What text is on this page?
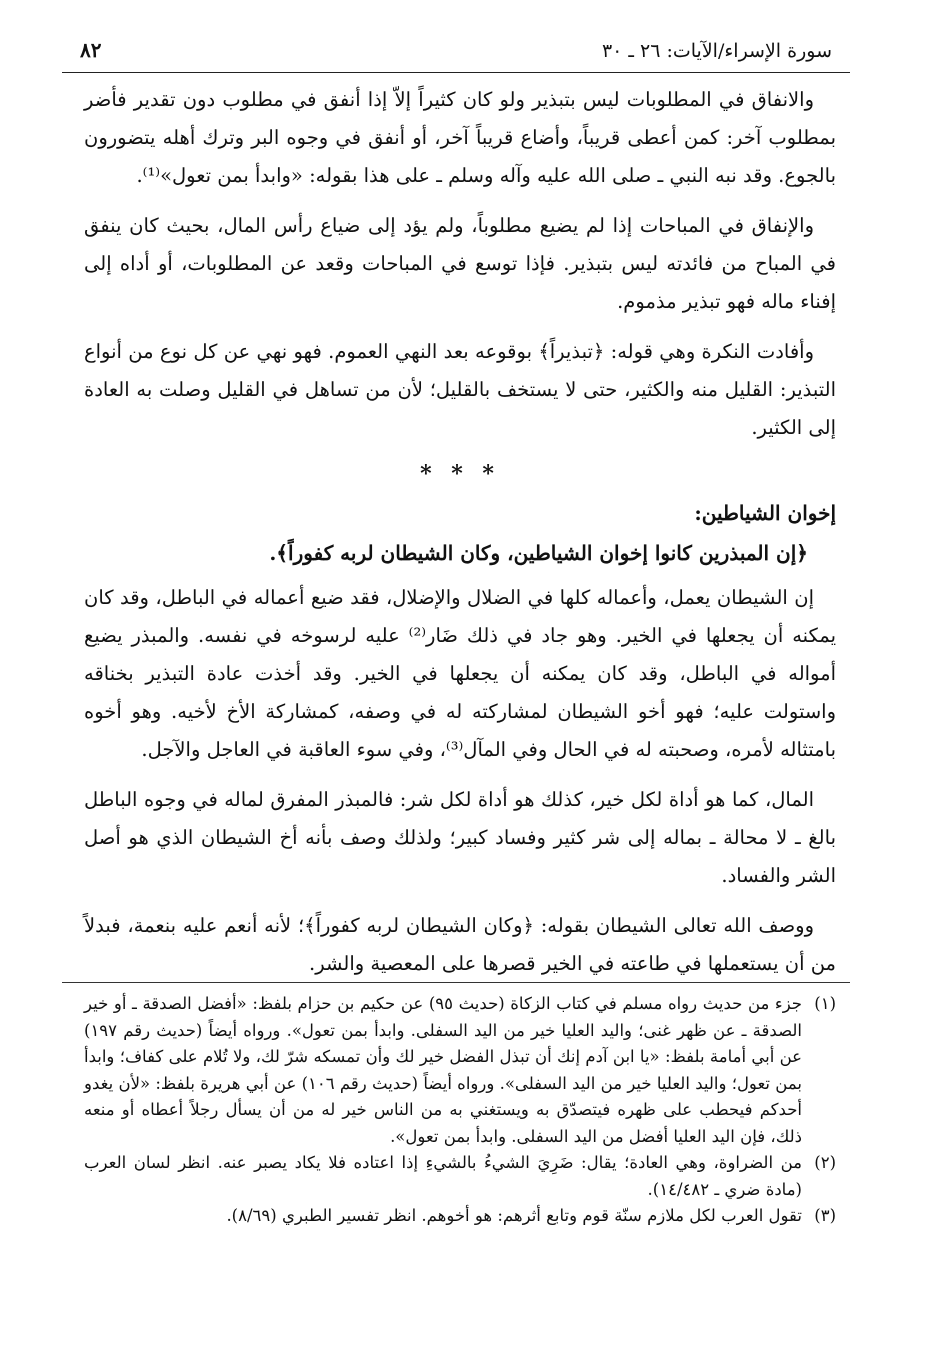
سورة الإسراء/الآيات: ٢٦ ـ ٣٠
٨٢

والانفاق في المطلوبات ليس بتبذير ولو كان كثيراً إلاّ إذا أنفق في مطلوب دون تقدير فأضر بمطلوب آخر: كمن أعطى قريباً، وأضاع قريباً آخر، أو أنفق في وجوه البر وترك أهله يتضورون بالجوع. وقد نبه النبي ـ صلى الله عليه وآله وسلم ـ على هذا بقوله: «وابدأ بمن تعول»⁽¹⁾.

والإنفاق في المباحات إذا لم يضيع مطلوباً، ولم يؤد إلى ضياع رأس المال، بحيث كان ينفق في المباح من فائدته ليس بتبذير. فإذا توسع في المباحات وقعد عن المطلوبات، أو أداه إلى إفناء ماله فهو تبذير مذموم.

وأفادت النكرة وهي قوله: ﴿تبذيراً﴾ بوقوعه بعد النهي العموم. فهو نهي عن كل نوع من أنواع التبذير: القليل منه والكثير، حتى لا يستخف بالقليل؛ لأن من تساهل في القليل وصلت به العادة إلى الكثير.

* * *

إخوان الشياطين:

﴿إن المبذرين كانوا إخوان الشياطين، وكان الشيطان لربه كفوراً﴾.

إن الشيطان يعمل، وأعماله كلها في الضلال والإضلال، فقد ضيع أعماله في الباطل، وقد كان يمكنه أن يجعلها في الخير. وهو جاد في ذلك ضَار⁽²⁾ عليه لرسوخه في نفسه. والمبذر يضيع أمواله في الباطل، وقد كان يمكنه أن يجعلها في الخير. وقد أخذت عادة التبذير بخناقه واستولت عليه؛ فهو أخو الشيطان لمشاركته له في وصفه، كمشاركة الأخ لأخيه. وهو أخوه بامتثاله لأمره، وصحبته له في الحال وفي المآل⁽³⁾، وفي سوء العاقبة في العاجل والآجل.

المال، كما هو أداة لكل خير، كذلك هو أداة لكل شر: فالمبذر المفرق لماله في وجوه الباطل بالغ ـ لا محالة ـ بماله إلى شر كثير وفساد كبير؛ ولذلك وصف بأنه أخ الشيطان الذي هو أصل الشر والفساد.

ووصف الله تعالى الشيطان بقوله: ﴿وكان الشيطان لربه كفوراً﴾؛ لأنه أنعم عليه بنعمة، فبدلاً من أن يستعملها في طاعته في الخير قصرها على المعصية والشر.

(١)
جزء من حديث رواه مسلم في كتاب الزكاة (حديث ٩٥) عن حكيم بن حزام بلفظ: «أفضل الصدقة ـ أو خير الصدقة ـ عن ظهر غنى؛ واليد العليا خير من اليد السفلى. وابدأ بمن تعول». ورواه أيضاً (حديث رقم ١٩٧) عن أبي أمامة بلفظ: «يا ابن آدم إنك أن تبذل الفضل خير لك وأن تمسكه شرّ لك، ولا تُلام على كفاف؛ وابدأ بمن تعول؛ واليد العليا خير من اليد السفلى». ورواه أيضاً (حديث رقم ١٠٦) عن أبي هريرة بلفظ: «لأن يغدو أحدكم فيحطب على ظهره فيتصدّق به ويستغني به من الناس خير له من أن يسأل رجلاً أعطاه أو منعه ذلك، فإن اليد العليا أفضل من اليد السفلى. وابدأ بمن تعول».
(٢)
من الضراوة، وهي العادة؛ يقال: ضَرِيَ الشيءُ بالشيءِ إذا اعتاده فلا يكاد يصبر عنه. انظر لسان العرب (مادة ضري ـ ١٤/٤٨٢).
(٣)
تقول العرب لكل ملازم سنّة قوم وتابع أثرهم: هو أخوهم. انظر تفسير الطبري (٨/٦٩).
